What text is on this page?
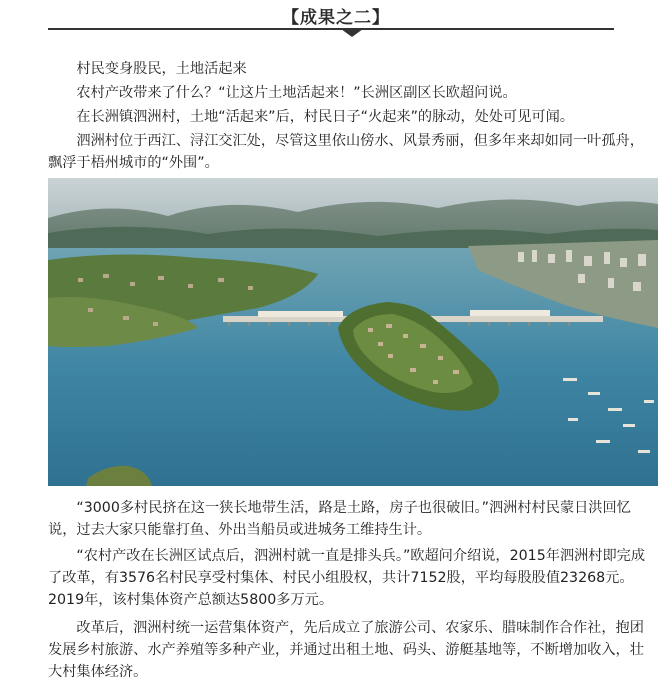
【成果之二】

村民变身股民，土地活起来

农村产改带来了什么？“让这片土地活起来！”长洲区副区长欧超问说。

在长洲镇泗洲村，土地“活起来”后，村民日子“火起来”的脉动，处处可见可闻。

泗洲村位于西江、浔江交汇处，尽管这里依山傍水、风景秀丽，但多年来却如同一叶孤舟，飘浮于梧州城市的“外围”。

“3000多村民挤在这一狭长地带生活，路是土路，房子也很破旧。”泗洲村村民蒙日洪回忆说，过去大家只能靠打鱼、外出当船员或进城务工维持生计。

“农村产改在长洲区试点后，泗洲村就一直是排头兵。”欧超问介绍说，2015年泗洲村即完成了改革，有3576名村民享受村集体、村民小组股权，共计7152股，平均每股股值23268元。2019年，该村集体资产总额达5800多万元。

改革后，泗洲村统一运营集体资产，先后成立了旅游公司、农家乐、腊味制作合作社，抱团发展乡村旅游、水产养殖等多种产业，并通过出租土地、码头、游艇基地等，不断增加收入，壮大村集体经济。
